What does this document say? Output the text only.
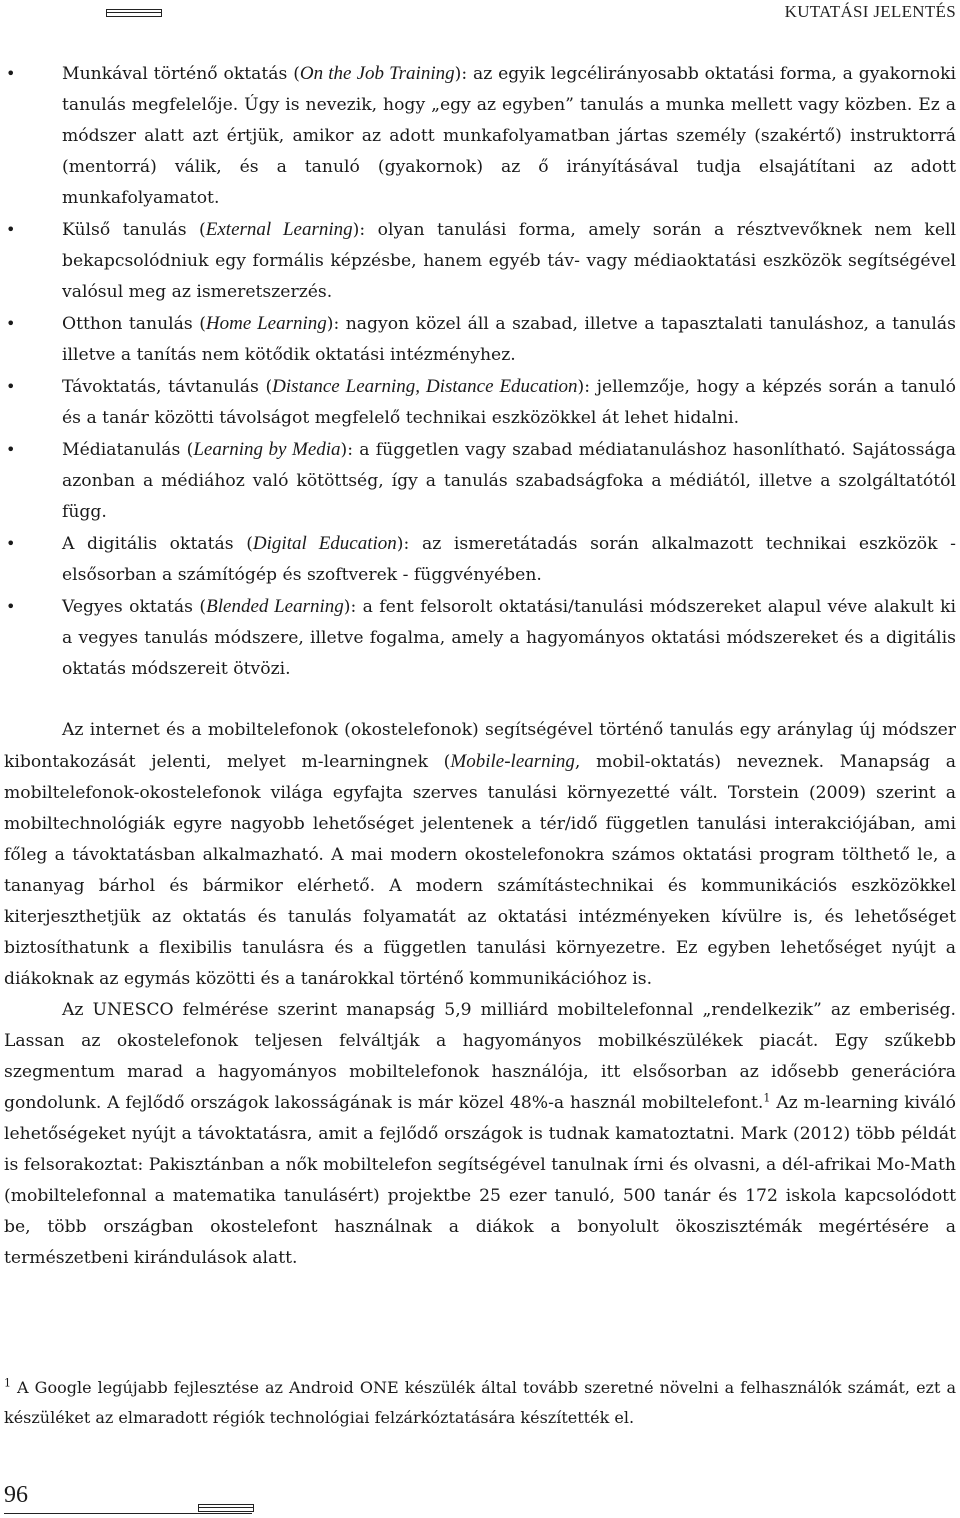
KUTATÁSI JELENTÉS
•	Munkával történő oktatás (On the Job Training): az egyik legcélirányosabb oktatási forma, a gyakornoki tanulás megfelelője. Úgy is nevezik, hogy „egy az egyben” tanulás a munka mellett vagy közben. Ez a módszer alatt azt értjük, amikor az adott munkafolyamatban jártas személy (szakértő) instruktorrá (mentorrá) válik, és a tanuló (gyakornok) az ő irányításával tudja elsajátítani az adott munkafolyamatot.
•	Külső tanulás (External Learning): olyan tanulási forma, amely során a résztvevőknek nem kell bekapcsolódniuk egy formális képzésbe, hanem egyéb táv- vagy médiaoktatási eszközök segítségével valósul meg az ismeretszerzés.
•	Otthon tanulás (Home Learning): nagyon közel áll a szabad, illetve a tapasztalati tanuláshoz, a tanulás illetve a tanítás nem kötődik oktatási intézményhez.
•	Távoktatás, távtanulás (Distance Learning, Distance Education): jellemzője, hogy a képzés során a tanuló és a tanár közötti távolságot megfelelő technikai eszközökkel át lehet hidalni.
•	Médiatanulás (Learning by Media): a független vagy szabad médiatanuláshoz hasonlítható. Sajátossága azonban a médiához való kötöttség, így a tanulás szabadságfoka a médiától, illetve a szolgáltatótól függ.
•	A digitális oktatás (Digital Education): az ismeretátadás során alkalmazott technikai eszközök - elsősorban a számítógép és szoftverek - függvényében.
•	Vegyes oktatás (Blended Learning): a fent felsorolt oktatási/tanulási módszereket alapul véve alakult ki a vegyes tanulás módszere, illetve fogalma, amely a hagyományos oktatási módszereket és a digitális oktatás módszereit ötvözi.

Az internet és a mobiltelefonok (okostelefonok) segítségével történő tanulás egy aránylag új módszer kibontakozását jelenti, melyet m-learningnek (Mobile-learning, mobil-oktatás) neveznek. Manapság a mobiltelefonok-okostelefonok világa egyfajta szerves tanulási környezetté vált. Torstein (2009) szerint a mobiltechnológiák egyre nagyobb lehetőséget jelentenek a tér/idő független tanulási interakciójában, ami főleg a távoktatásban alkalmazható. A mai modern okostelefonokra számos oktatási program tölthető le, a tananyag bárhol és bármikor elérhető. A modern számítástechnikai és kommunikációs eszközökkel kiterjeszthetjük az oktatás és tanulás folyamatát az oktatási intézményeken kívülre is, és lehetőséget biztosíthatunk a flexibilis tanulásra és a független tanulási környezetre. Ez egyben lehetőséget nyújt a diákoknak az egymás közötti és a tanárokkal történő kommunikációhoz is.

Az UNESCO felmérése szerint manapság 5,9 milliárd mobiltelefonnal „rendelkezik” az emberiség. Lassan az okostelefonok teljesen felváltják a hagyományos mobilkészülékek piacát. Egy szűkebb szegmentum marad a hagyományos mobiltelefonok használója, itt elsősorban az idősebb generációra gondolunk. A fejlődő országok lakosságának is már közel 48%-a használ mobiltelefont.$^1$ Az m-learning kiváló lehetőségeket nyújt a távoktatásra, amit a fejlődő országok is tudnak kamatoztatni. Mark (2012) több példát is felsorakoztat: Pakisztánban a nők mobiltelefon segítségével tanulnak írni és olvasni, a dél-afrikai Mo-Math (mobiltelefonnal a matematika tanulásért) projektbe 25 ezer tanuló, 500 tanár és 172 iskola kapcsolódott be, több országban okostelefont használnak a diákok a bonyolult ökoszisztémák megértésére a természetbeni kirándulások alatt.

$^1$ A Google legújabb fejlesztése az Android ONE készülék által tovább szeretné növelni a felhasználók számát, ezt a készüléket az elmaradott régiók technológiai felzárkóztatására készítették el.
96
